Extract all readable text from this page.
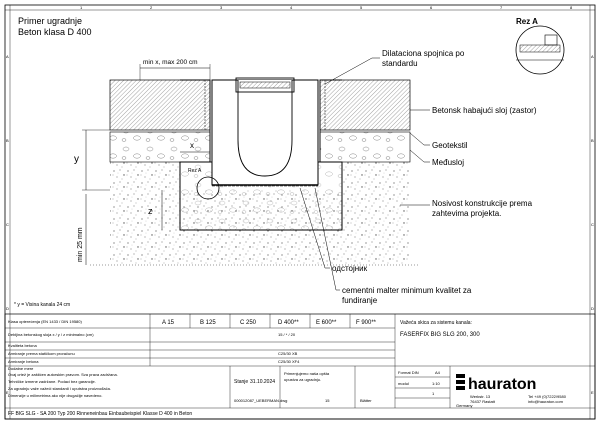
A
B
C
D
E
A
B
C
D
E
1	2	3	4	5	6	7	8
Primer ugradnje
Beton klasa D 400
Rez A
min x, max 200 cm
y
min 25 mm
x
z
Dilataciona spojnica po
standardu
Betonsk habajući sloj (zastor)
Geotekstil
Međusloj
Nosivost konstrukcije prema
zahtevima projekta.
одстојник
cementni malter minimum kvalitet za
fundiranje
* y = Visina kanala 24 cm
Rez A
Klasa opterećenja (EN 1433 / DIN 19580)	A 15	B 125	C 250	D 400**	E 600**	F 900**
Debljina betonskog sloja x / y / z minimalno (cm)	15 / * / 20
Kvaliteta betona
Armiranje prema statičkom proračunu	C25/30 XB
Armiranje betona	C25/30 XF4
Dodatne mere
Ovaj crtež je zaštićen autorskim pravom. Sva prava zadržana.
Tehničke izmene zadržane. Podaci bez garancije.
Za ugradnju važe važeći standardi i uputstva proizvođača.
Dimenzije u milimetrima ako nije drugačije navedeno.
Važeća skica za sistemu kanala:
FASERFIX BIG SLG 200, 300
Stanje 31.10.2024
Primenjujemo naša opšta
upustva za ugradnju.
Blätter
15
000012087_UEBERMAN.dwg
Format DIN	A4
modul	1:10
1
hauraton
Werkstr. 13
76437 Rastatt
Germany
Tel +49 (0)7222/9580
info@hauraton.com
FF BIG SLG - SA 200 Typ 200 Rinneneinbau Einbaubeispiel Klasse D 400 in Beton
